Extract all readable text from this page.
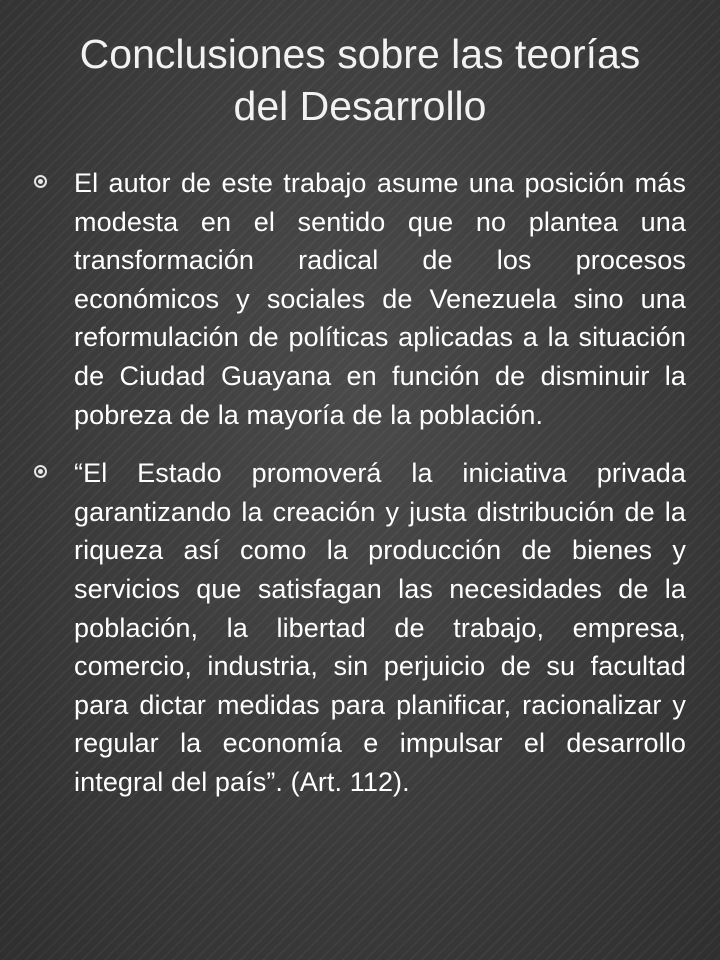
Conclusiones sobre las teorías
del Desarrollo
El autor de este trabajo asume una posición más modesta en el sentido que no plantea una transformación radical de los procesos económicos y sociales de Venezuela sino una reformulación de políticas aplicadas a la situación de Ciudad Guayana en función de disminuir la pobreza de la mayoría de la población.
“El Estado promoverá la iniciativa privada garantizando la creación y justa distribución de la riqueza así como la producción de bienes y servicios que satisfagan las necesidades de la población, la libertad de trabajo, empresa, comercio, industria, sin perjuicio de su facultad para dictar medidas para planificar, racionalizar y regular la economía e impulsar el desarrollo integral del país”. (Art. 112).
